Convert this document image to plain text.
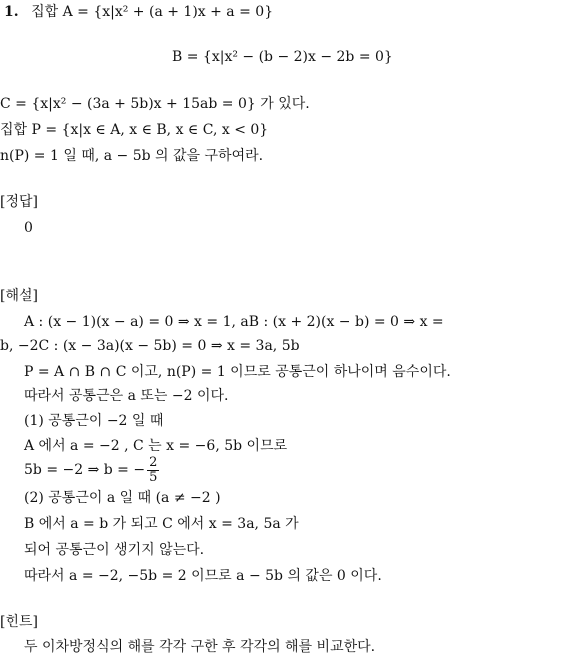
1. 집합 A = {x|x² + (a + 1)x + a = 0}
B = {x|x² − (b − 2)x − 2b = 0}
C = {x|x² − (3a + 5b)x + 15ab = 0} 가 있다.
집합 P = {x|x ∈ A, x ∈ B, x ∈ C, x < 0}
n(P) = 1 일 때, a − 5b 의 값을 구하여라.
[정답]
0
[해설]
A : (x − 1)(x − a) = 0 ⇒ x = 1, aB : (x + 2)(x − b) = 0 ⇒ x =
b, −2C : (x − 3a)(x − 5b) = 0 ⇒ x = 3a, 5b
P = A ∩ B ∩ C 이고, n(P) = 1 이므로 공통근이 하나이며 음수이다.
따라서 공통근은 a 또는 −2 이다.
(1) 공통근이 −2 일 때
A 에서 a = −2 , C 는 x = −6, 5b 이므로
5b = −2 ⇒ b = − $\frac{2}{5}$
(2) 공통근이 a 일 때 (a ≠ −2 )
B 에서 a = b 가 되고 C 에서 x = 3a, 5a 가
되어 공통근이 생기지 않는다.
따라서 a = −2, −5b = 2 이므로 a − 5b 의 값은 0 이다.
[힌트]
두 이차방정식의 해를 각각 구한 후 각각의 해를 비교한다.
